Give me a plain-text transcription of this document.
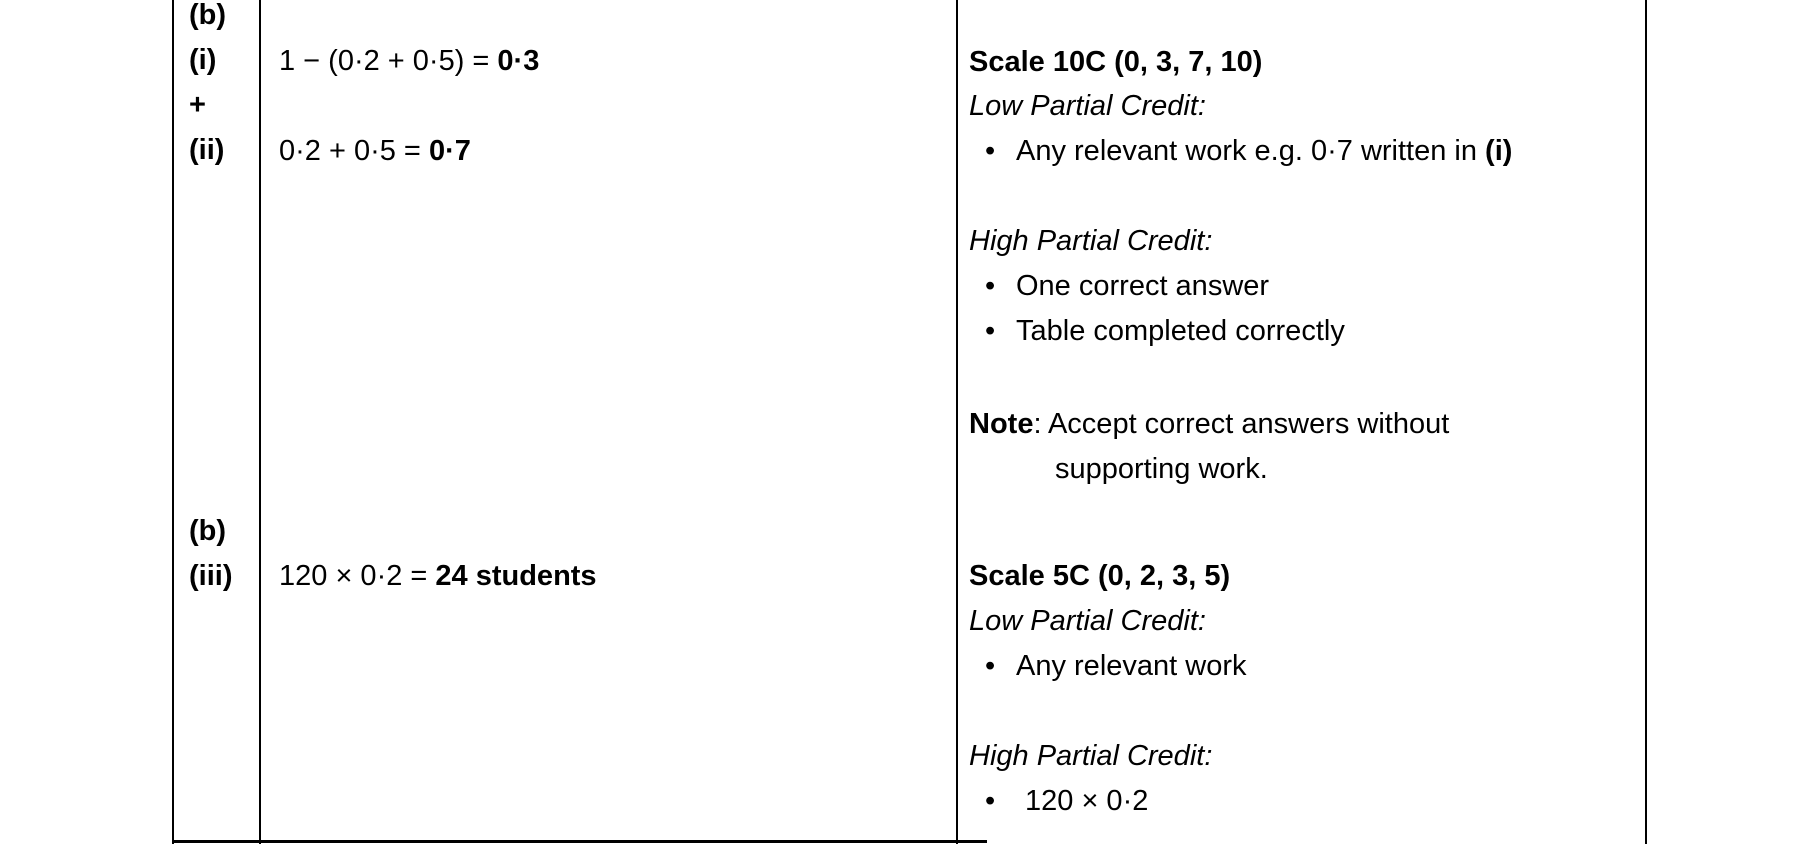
(b)
(i)
+
(ii)
1 − (0·2 + 0·5) = 0·3
0·2 + 0·5 = 0·7
Scale 10C (0, 3, 7, 10)
Low Partial Credit:
• Any relevant work e.g. 0·7 written in (i)
High Partial Credit:
• One correct answer
• Table completed correctly
Note: Accept correct answers without
supporting work.
(b)
(iii) 120 × 0·2 = 24 students	Scale 5C (0, 2, 3, 5)
Low Partial Credit:
• Any relevant work
High Partial Credit:
• 120 × 0·2
